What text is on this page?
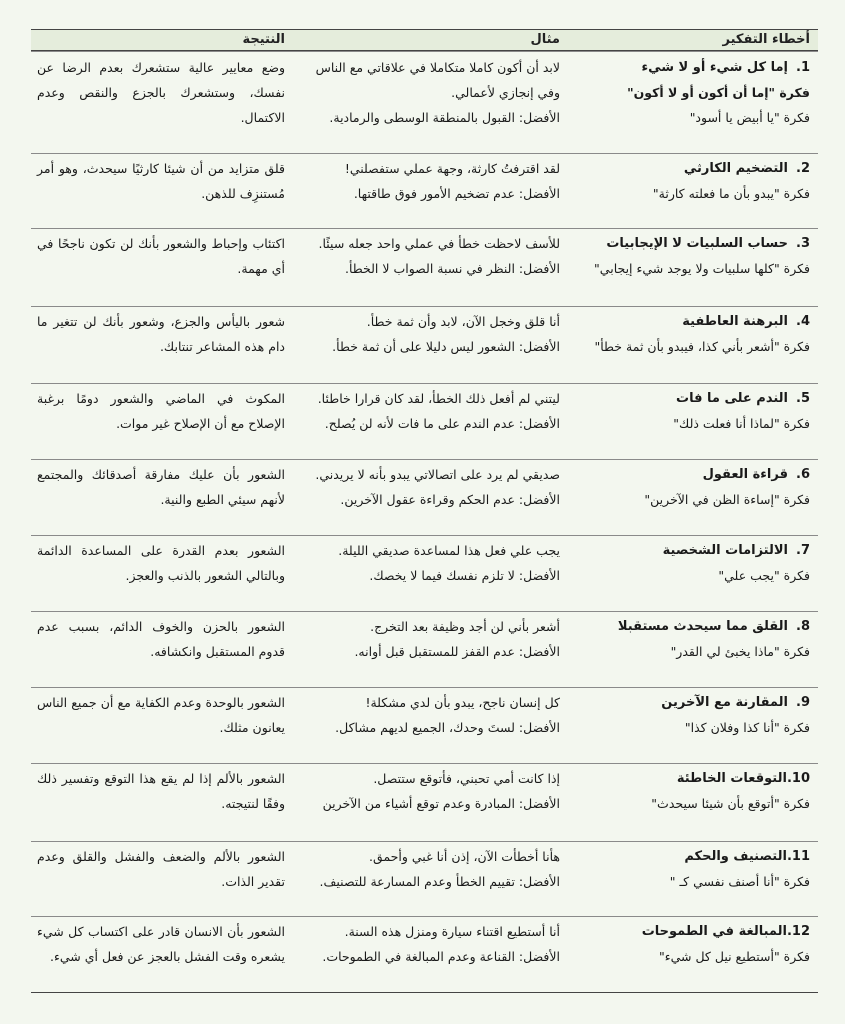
أخطاء التفكير
مثال
النتيجة
1.إما كل شيء أو لا شيء
فكرة "إما أن أكون أو لا أكون"
فكرة "يا أبيض يا أسود"
لابد أن أكون كاملا متكاملا في علاقاتي مع الناس
وفي إنجازي لأعمالي.
الأفضل: القبول بالمنطقة الوسطى والرمادية.
وضع معايير عالية ستشعرك بعدم الرضا عن نفسك، وستشعرك بالجزع والنقص وعدم الاكتمال.
2.التضخيم الكارثي
فكرة "يبدو بأن ما فعلته كارثة"
لقد اقترفتُ كارثة، وجهة عملي ستفصلني!
الأفضل: عدم تضخيم الأمور فوق طاقتها.
قلق متزايد من أن شيئا كارثيًا سيحدث، وهو أمر مُستنزِف للذهن.
3.حساب السلبيات لا الإيجابيات
فكرة "كلها سلبيات ولا يوجد شيء إيجابي"
للأسف لاحظت خطأ في عملي واحد جعله سيئًا.
الأفضل: النظر في نسبة الصواب لا الخطأ.
اكتئاب وإحباط والشعور بأنك لن تكون ناجحًا في أي مهمة.
4.البرهنة العاطفية
فكرة "أشعر بأني كذا، فيبدو بأن ثمة خطأ"
أنا قلق وخجل الآن، لابد وأن ثمة خطأ.
الأفضل: الشعور ليس دليلا على أن ثمة خطأ.
شعور باليأس والجزع، وشعور بأنك لن تتغير ما دام هذه المشاعر تنتابك.
5.الندم على ما فات
فكرة "لماذا أنا فعلت ذلك"
ليتني لم أفعل ذلك الخطأ، لقد كان قرارا خاطئا.
الأفضل: عدم الندم على ما فات لأنه لن يُصلح.
المكوث في الماضي والشعور دومًا برغبة الإصلاح مع أن الإصلاح غير موات.
6.قراءة العقول
فكرة "إساءة الظن في الآخرين"
صديقي لم يرد على اتصالاتي يبدو بأنه لا يريدني.
الأفضل: عدم الحكم وقراءة عقول الآخرين.
الشعور بأن عليك مفارقة أصدقائك والمجتمع لأنهم سيئي الطبع والنية.
7.الالتزامات الشخصية
فكرة "يجب علي"
يجب علي فعل هذا لمساعدة صديقي الليلة.
الأفضل: لا تلزم نفسك فيما لا يخصك.
الشعور بعدم القدرة على المساعدة الدائمة وبالتالي الشعور بالذنب والعجز.
8.القلق مما سيحدث مستقبلا
فكرة "ماذا يخبئ لي القدر"
أشعر بأني لن أجد وظيفة بعد التخرج.
الأفضل: عدم القفز للمستقبل قبل أوانه.
الشعور بالحزن والخوف الدائم، بسبب عدم قدوم المستقبل وانكشافه.
9.المقارنة مع الآخرين
فكرة "أنا كذا وفلان كذا"
كل إنسان ناجح، يبدو بأن لدي مشكلة!
الأفضل: لستَ وحدك، الجميع لديهم مشاكل.
الشعور بالوحدة وعدم الكفاية مع أن جميع الناس يعانون مثلك.
10.التوقعات الخاطئة
فكرة "أتوقع بأن شيئا سيحدث"
إذا كانت أمي تحبني، فأتوقع ستتصل.
الأفضل: المبادرة وعدم توقع أشياء من الآخرين
الشعور بالألم إذا لم يقع هذا التوقع وتفسير ذلك وفقًا لنتيجته.
11.التصنيف والحكم
فكرة "أنا أصنف نفسي كـ "
هأنا أخطأت الآن، إذن أنا غبي وأحمق.
الأفضل: تقييم الخطأ وعدم المسارعة للتصنيف.
الشعور بالألم والضعف والفشل والقلق وعدم تقدير الذات.
12.المبالغة في الطموحات
فكرة "أستطيع نيل كل شيء"
أنا أستطيع اقتناء سيارة ومنزل هذه السنة.
الأفضل: القناعة وعدم المبالغة في الطموحات.
الشعور بأن الانسان قادر على اكتساب كل شيء يشعره وقت الفشل بالعجز عن فعل أي شيء.
